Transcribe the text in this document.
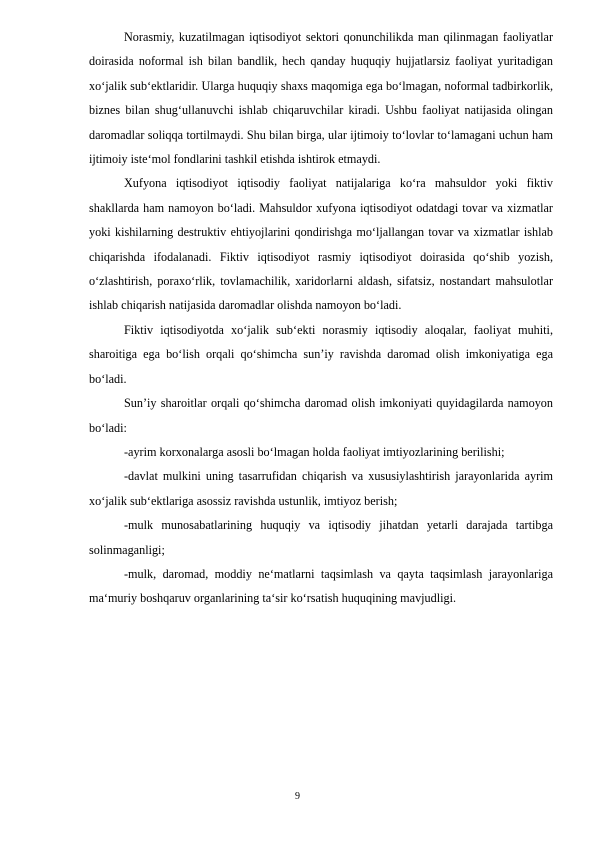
Norasmiy, kuzatilmagan iqtisodiyot sektori qonunchilikda man qilinmagan faoliyatlar doirasida noformal ish bilan bandlik, hech qanday huquqiy hujjatlarsiz faoliyat yuritadigan xo‘jalik sub‘ektlaridir. Ularga huquqiy shaxs maqomiga ega bo‘lmagan, noformal tadbirkorlik, biznes bilan shug‘ullanuvchi ishlab chiqaruvchilar kiradi. Ushbu faoliyat natijasida olingan daromadlar soliqqa tortilmaydi. Shu bilan birga, ular ijtimoiy to‘lovlar to‘lamagani uchun ham ijtimoiy iste‘mol fondlarini tashkil etishda ishtirok etmaydi.

Xufyona iqtisodiyot iqtisodiy faoliyat natijalariga ko‘ra mahsuldor yoki fiktiv shakllarda ham namoyon bo‘ladi. Mahsuldor xufyona iqtisodiyot odatdagi tovar va xizmatlar yoki kishilarning destruktiv ehtiyojlarini qondirishga mo‘ljallangan tovar va xizmatlar ishlab chiqarishda ifodalanadi. Fiktiv iqtisodiyot rasmiy iqtisodiyot doirasida qo‘shib yozish, o‘zlashtirish, poraxo‘rlik, tovlamachilik, xaridorlarni aldash, sifatsiz, nostandart mahsulotlar ishlab chiqarish natijasida daromadlar olishda namoyon bo‘ladi.

Fiktiv iqtisodiyotda xo‘jalik sub‘ekti norasmiy iqtisodiy aloqalar, faoliyat muhiti, sharoitiga ega bo‘lish orqali qo‘shimcha sun’iy ravishda daromad olish imkoniyatiga ega bo‘ladi.

Sun’iy sharoitlar orqali qo‘shimcha daromad olish imkoniyati quyidagilarda namoyon bo‘ladi:

-ayrim korxonalarga asosli bo‘lmagan holda faoliyat imtiyozlarining berilishi;

-davlat mulkini uning tasarrufidan chiqarish va xususiylashtirish jarayonlarida ayrim xo‘jalik sub‘ektlariga asossiz ravishda ustunlik, imtiyoz berish;

-mulk munosabatlarining huquqiy va iqtisodiy jihatdan yetarli darajada tartibga solinmaganligi;

-mulk, daromad, moddiy ne‘matlarni taqsimlash va qayta taqsimlash jarayonlariga ma‘muriy boshqaruv organlarining ta‘sir ko‘rsatish huquqining mavjudligi.

9
